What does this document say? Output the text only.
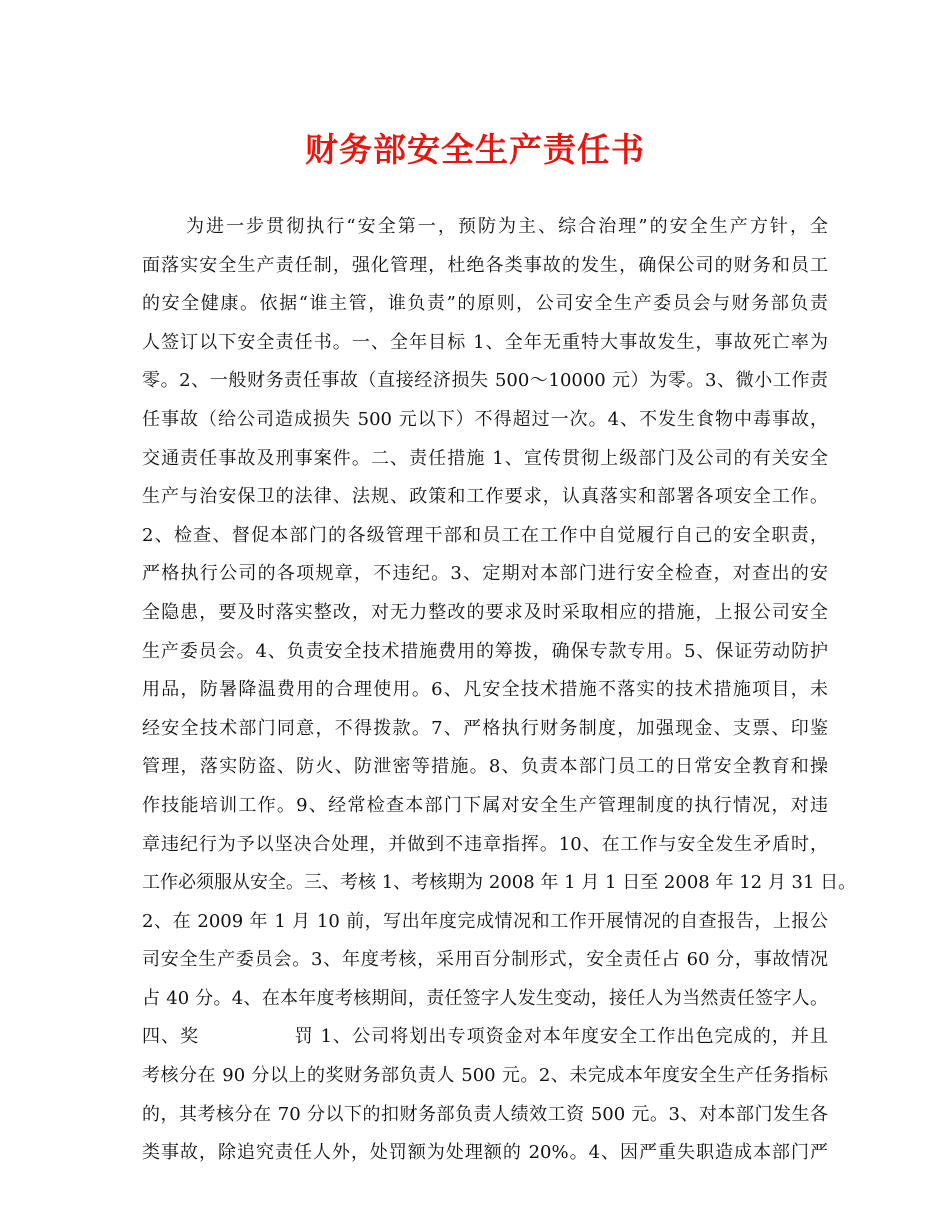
财务部安全生产责任书
为进一步贯彻执行“安全第一，预防为主、综合治理”的安全生产方针，全
面落实安全生产责任制，强化管理，杜绝各类事故的发生，确保公司的财务和员工
的安全健康。依据“谁主管，谁负责”的原则，公司安全生产委员会与财务部负责
人签订以下安全责任书。一、全年目标 1、全年无重特大事故发生，事故死亡率为
零。2、一般财务责任事故（直接经济损失 500～10000 元）为零。3、微小工作责
任事故（给公司造成损失 500 元以下）不得超过一次。4、不发生食物中毒事故，
交通责任事故及刑事案件。二、责任措施 1、宣传贯彻上级部门及公司的有关安全
生产与治安保卫的法律、法规、政策和工作要求，认真落实和部署各项安全工作。
2、检查、督促本部门的各级管理干部和员工在工作中自觉履行自己的安全职责，
严格执行公司的各项规章，不违纪。3、定期对本部门进行安全检查，对查出的安
全隐患，要及时落实整改，对无力整改的要求及时采取相应的措施，上报公司安全
生产委员会。4、负责安全技术措施费用的筹拨，确保专款专用。5、保证劳动防护
用品，防暑降温费用的合理使用。6、凡安全技术措施不落实的技术措施项目，未
经安全技术部门同意，不得拨款。7、严格执行财务制度，加强现金、支票、印鉴
管理，落实防盗、防火、防泄密等措施。8、负责本部门员工的日常安全教育和操
作技能培训工作。9、经常检查本部门下属对安全生产管理制度的执行情况，对违
章违纪行为予以坚决合处理，并做到不违章指挥。10、在工作与安全发生矛盾时，
工作必须服从安全。三、考核 1、考核期为 2008 年 1 月 1 日至 2008 年 12 月 31 日。
2、在 2009 年 1 月 10 前，写出年度完成情况和工作开展情况的自查报告，上报公
司安全生产委员会。3、年度考核，采用百分制形式，安全责任占 60 分，事故情况
占 40 分。4、在本年度考核期间，责任签字人发生变动，接任人为当然责任签字人。
四、奖　　　　　罚 1、公司将划出专项资金对本年度安全工作出色完成的，并且
考核分在 90 分以上的奖财务部负责人 500 元。2、未完成本年度安全生产任务指标
的，其考核分在 70 分以下的扣财务部负责人绩效工资 500 元。3、对本部门发生各
类事故，除追究责任人外，处罚额为处理额的 20%。4、因严重失职造成本部门严
